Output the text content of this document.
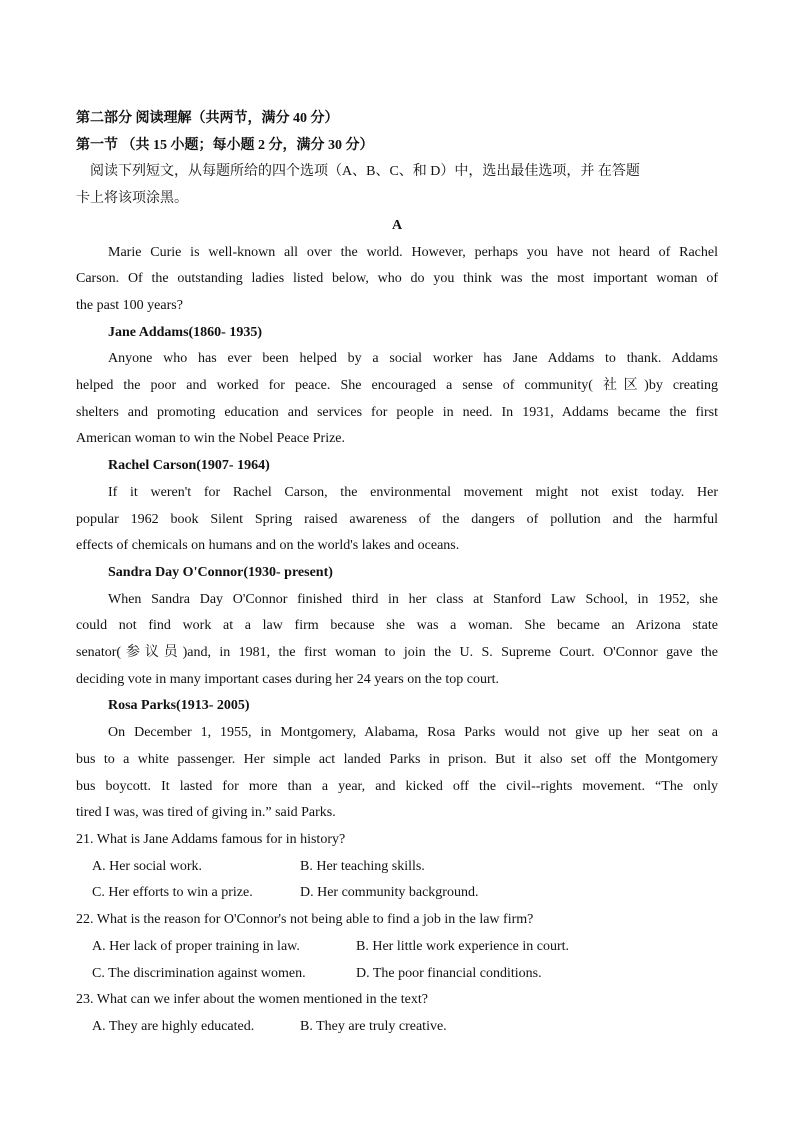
第二部分 阅读理解（共两节，满分 40 分）
第一节 （共 15 小题；每小题 2 分，满分 30 分）
阅读下列短文，从每题所给的四个选项（A、B、C、和 D）中，选出最佳选项，并 在答题
卡上将该项涂黑。
A
Marie Curie is well-known all over the world. However, perhaps you have not heard of Rachel
Carson. Of the outstanding ladies listed below, who do you think was the most important woman of
the past 100 years?
Jane Addams(1860- 1935)
Anyone who has ever been helped by a social worker has Jane Addams to thank. Addams
helped the poor and worked for peace. She encouraged a sense of community( 社区)by creating
shelters and promoting education and services for people in need. In 1931, Addams became the first
American woman to win the Nobel Peace Prize.
Rachel Carson(1907- 1964)
If it weren't for Rachel Carson, the environmental movement might not exist today. Her
popular 1962 book Silent Spring raised awareness of the dangers of pollution and the harmful
effects of chemicals on humans and on the world's lakes and oceans.
Sandra Day O'Connor(1930- present)
When Sandra Day O'Connor finished third in her class at Stanford Law School, in 1952, she
could not find work at a law firm because she was a woman. She became an Arizona state
senator(参议员)and, in 1981, the first woman to join the U. S. Supreme Court. O'Connor gave the
deciding vote in many important cases during her 24 years on the top court.
Rosa Parks(1913- 2005)
On December 1, 1955, in Montgomery, Alabama, Rosa Parks would not give up her seat on a
bus to a white passenger. Her simple act landed Parks in prison. But it also set off the Montgomery
bus boycott. It lasted for more than a year, and kicked off the civil--rights movement. “The only
tired I was, was tired of giving in.” said Parks.
21. What is Jane Addams famous for in history?
A. Her social work.	B. Her teaching skills.
C. Her efforts to win a prize.	D. Her community background.
22. What is the reason for O'Connor's not being able to find a job in the law firm?
A. Her lack of proper training in law.	B. Her little work experience in court.
C. The discrimination against women.	D. The poor financial conditions.
23. What can we infer about the women mentioned in the text?
A. They are highly educated.	B. They are truly creative.
